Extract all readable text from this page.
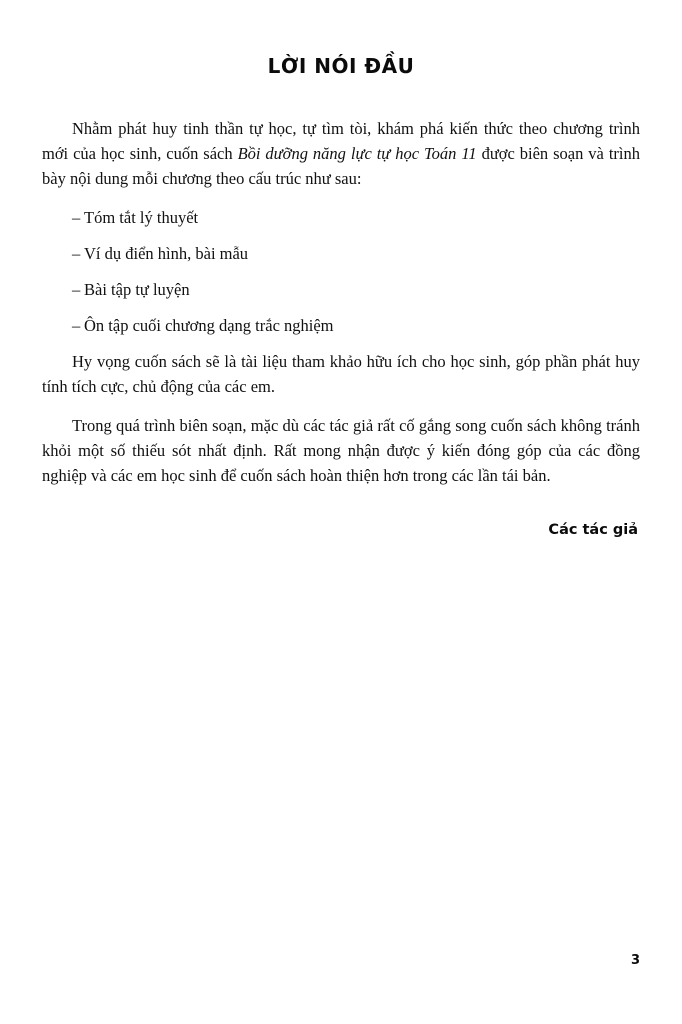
LỜI NÓI ĐẦU

Nhằm phát huy tinh thần tự học, tự tìm tòi, khám phá kiến thức theo chương trình mới của học sinh, cuốn sách Bồi dưỡng năng lực tự học Toán 11 được biên soạn và trình bày nội dung mỗi chương theo cấu trúc như sau:

– Tóm tắt lý thuyết
– Ví dụ điển hình, bài mẫu
– Bài tập tự luyện
– Ôn tập cuối chương dạng trắc nghiệm

Hy vọng cuốn sách sẽ là tài liệu tham khảo hữu ích cho học sinh, góp phần phát huy tính tích cực, chủ động của các em.

Trong quá trình biên soạn, mặc dù các tác giả rất cố gắng song cuốn sách không tránh khỏi một số thiếu sót nhất định. Rất mong nhận được ý kiến đóng góp của các đồng nghiệp và các em học sinh để cuốn sách hoàn thiện hơn trong các lần tái bản.

Các tác giả
3
